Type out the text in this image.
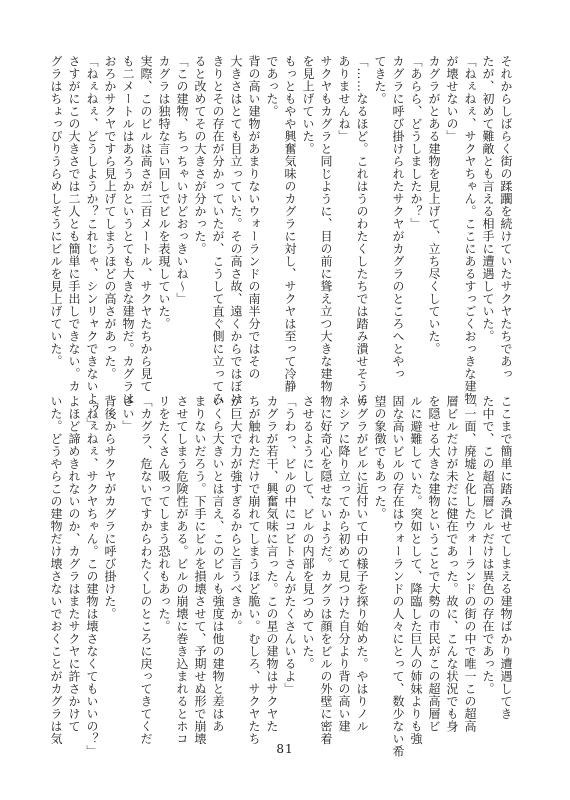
それからしばらく街の蹂躙を続けていたサクヤたちであっ
たが、初めて難敵とも言える相手に遭遇していた。
「ねぇねぇ、サクヤちゃん。ここにあるすっごくおっきな建物
が壊せないの」
カグラがとある建物を見上げて、立ち尽くしていた。
「あらら、どうしましたか？」
カグラに呼び掛けられたサクヤがカグラのところへとやっ
てきた。
「……なるほど。これはうのわたくしたちでは踏み潰せそうに
ありませんね」
サクヤもカグラと同じように、目の前に聳え立つ大きな建物
を見上げていた。
もっともやや興奮気味のカグラに対し、サクヤは至って冷静
であった。
背の高い建物があまりないウォーランドの南半分ではその
大きさはとても目立っていた。その高さ故、遠くからではぼけ
きりとその存在が分かっていたが、こうして直ぐ側に立ってみ
ると改めてその大きさが分かった。
「この建物、ちっちゃいけどおっきいね～」
カグラは独特な言い回しでビルを表現していた。
実際、このビルは高さが二百メートル、サクヤたちから見て
も二メートルはあろうかというとても大きな建物だ。カグラは
おろかサクヤですら見上げてしまうほどの高さがあった。
「ねぇねぇ、どうしようか？これじゃ、シンリャクできないよ？」
さすがにこの大きさでは二人とも簡単に手出しできない。カ
グラはちょっぴりうらめしそうにビルを見上げていた。
ここまで簡単に踏み潰せてしまえる建物ばかり遭遇してき
た中で、この超高層ビルだけは異色の存在であった。
「一面、廃墟と化したウォーランドの街の中で唯一この超高
層ビルだけが未だに健在であった。故に、こんな状況でも身
を隠せる大きな建物ということで大勢の市民がこの超高層ビ
ルに避難していた。突如として、降臨した巨人の姉妹よりも強
固な高いビルの存在はウォーランドの人々にとって、数少ない希
望の象徴でもあった。
カグラがビルに近付いて中の様子を探り始めた。やはりノル
ネシアに降り立ってから初めて見つけた自分より背の高い建
物に好奇心を隠せないようだ。カグラは顔をビルの外壁に密着
させるようにして、ビルの内部を見つめていた。
「うわっ、ビルの中にコビトさんがたくさんいるよ」
カグラが若干、興奮気味に言った。この星の建物はサクヤた
ちが触れただけで崩れてしまうほど脆い。むしろ、サクヤたち
が巨大で力が強すぎるからと言うべきか。
いくら大きいとは言え、このビルも強度は他の建物と差はあ
まりないだろう。下手にビルを損壊させて、予期せぬ形で崩壊
させてしまう危険性がある。ビルの崩壊に巻き込まれるとホコ
リをたくさん吸ってしまう恐れもあった。
「カグラ、危ないですからわたくしのところに戻ってきてくだ
さい」
背後からサクヤがカグラに呼び掛けた。
「ねぇねぇ、サクヤちゃん。この建物は壊さなくてもいいの？」
よほど諦めきれないのか、カグラはまたサクヤに許さかけて
いた。どうやらこの建物だけ壊さないでおくことがカグラは気
81
